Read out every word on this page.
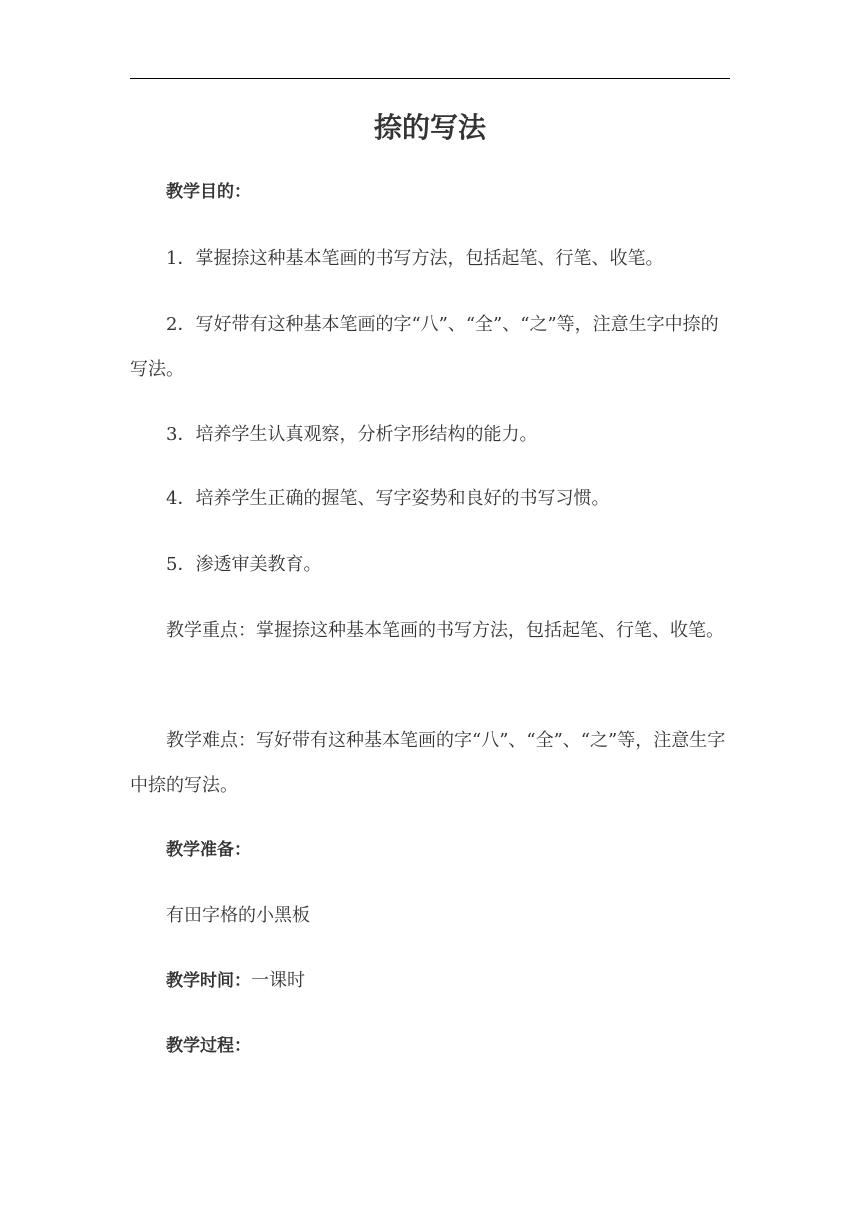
捺的写法

教学目的：

1．掌握捺这种基本笔画的书写方法，包括起笔、行笔、收笔。

2．写好带有这种基本笔画的字“八”、“全”、“之”等，注意生字中捺的写法。

3．培养学生认真观察，分析字形结构的能力。

4．培养学生正确的握笔、写字姿势和良好的书写习惯。

5．渗透审美教育。

教学重点：掌握捺这种基本笔画的书写方法，包括起笔、行笔、收笔。

教学难点：写好带有这种基本笔画的字“八”、“全”、“之”等，注意生字中捺的写法。

教学准备：

有田字格的小黑板

教学时间：一课时

教学过程：
